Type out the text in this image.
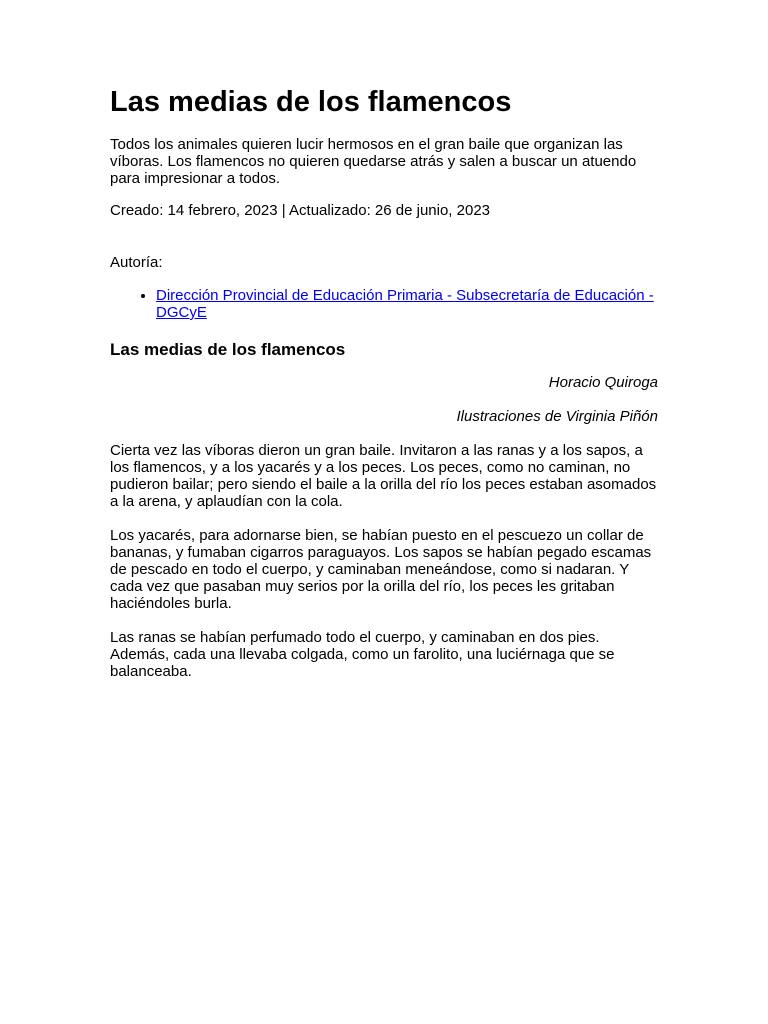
Las medias de los flamencos

Todos los animales quieren lucir hermosos en el gran baile que organizan las víboras. Los flamencos no quieren quedarse atrás y salen a buscar un atuendo para impresionar a todos.

Creado: 14 febrero, 2023 | Actualizado: 26 de junio, 2023

Autoría:

• Dirección Provincial de Educación Primaria - Subsecretaría de Educación - DGCyE
Las medias de los flamencos

Horacio Quiroga

Ilustraciones de Virginia Piñón

Cierta vez las víboras dieron un gran baile. Invitaron a las ranas y a los sapos, a los flamencos, y a los yacarés y a los peces. Los peces, como no caminan, no pudieron bailar; pero siendo el baile a la orilla del río los peces estaban asomados a la arena, y aplaudían con la cola.

Los yacarés, para adornarse bien, se habían puesto en el pescuezo un collar de bananas, y fumaban cigarros paraguayos. Los sapos se habían pegado escamas de pescado en todo el cuerpo, y caminaban meneándose, como si nadaran. Y cada vez que pasaban muy serios por la orilla del río, los peces les gritaban haciéndoles burla.

Las ranas se habían perfumado todo el cuerpo, y caminaban en dos pies. Además, cada una llevaba colgada, como un farolito, una luciérnaga que se balanceaba.
